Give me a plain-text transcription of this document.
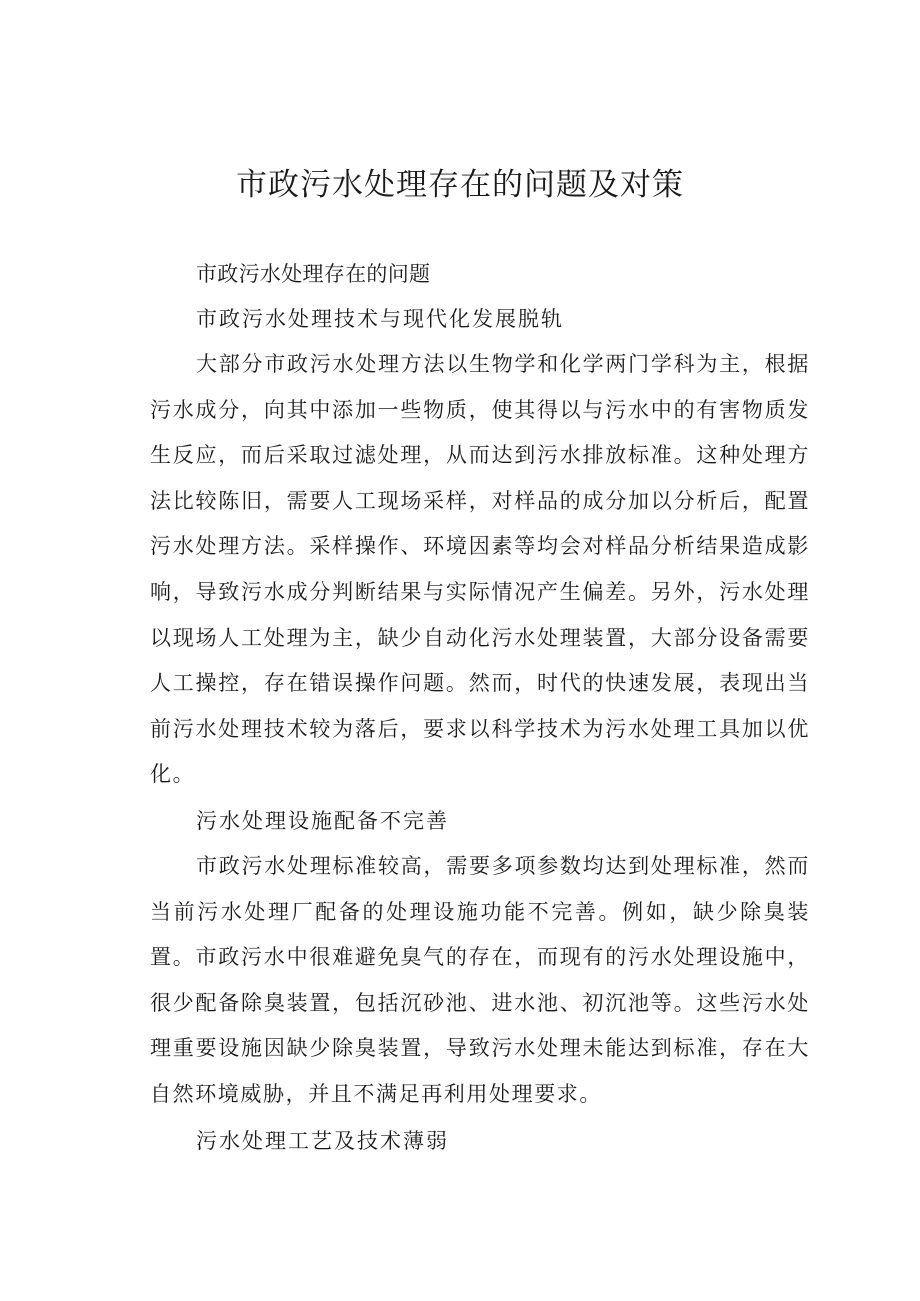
市政污水处理存在的问题及对策
市政污水处理存在的问题
市政污水处理技术与现代化发展脱轨

大部分市政污水处理方法以生物学和化学两门学科为主，根据污水成分，向其中添加一些物质，使其得以与污水中的有害物质发生反应，而后采取过滤处理，从而达到污水排放标准。这种处理方法比较陈旧，需要人工现场采样，对样品的成分加以分析后，配置污水处理方法。采样操作、环境因素等均会对样品分析结果造成影响，导致污水成分判断结果与实际情况产生偏差。另外，污水处理以现场人工处理为主，缺少自动化污水处理装置，大部分设备需要人工操控，存在错误操作问题。然而，时代的快速发展，表现出当前污水处理技术较为落后，要求以科学技术为污水处理工具加以优化。

污水处理设施配备不完善

市政污水处理标准较高，需要多项参数均达到处理标准，然而当前污水处理厂配备的处理设施功能不完善。例如，缺少除臭装置。市政污水中很难避免臭气的存在，而现有的污水处理设施中，很少配备除臭装置，包括沉砂池、进水池、初沉池等。这些污水处理重要设施因缺少除臭装置，导致污水处理未能达到标准，存在大自然环境威胁，并且不满足再利用处理要求。

污水处理工艺及技术薄弱
